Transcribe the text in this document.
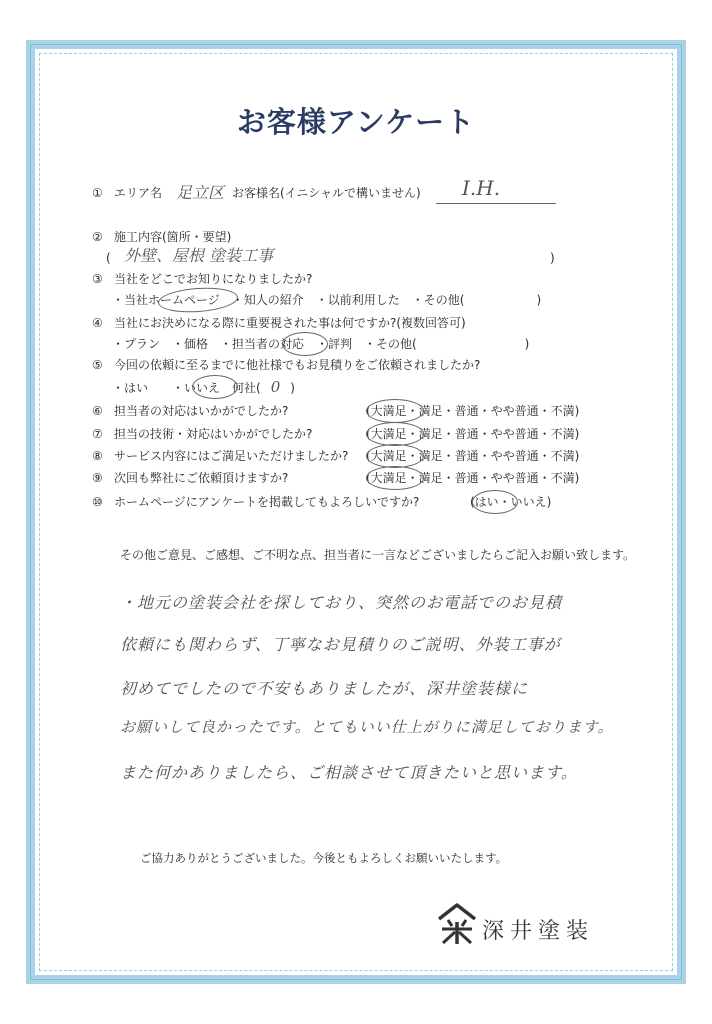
お客様アンケート
① エリア名 足立区 お客様名(イニシャルで構いません) I.H.
② 施工内容(箇所・要望)
( 外壁、屋根 塗装工事	)
③ 当社をどこでお知りになりましたか?
・当社ホームページ　・知人の紹介　・以前利用した　・その他(　　　　　　)
④ 当社にお決めになる際に重要視された事は何ですか?(複数回答可)
・プラン　・価格　・担当者の対応　・評判　・その他(　　　　　　　　　)
⑤ 今回の依頼に至るまでに他社様でもお見積りをご依頼されましたか?
・はい　　・いいえ　何社( 0 )
⑥ 担当者の対応はいかがでしたか?	(大満足・満足・普通・やや普通・不満)
⑦ 担当の技術・対応はいかがでしたか?	(大満足・満足・普通・やや普通・不満)
⑧ サービス内容にはご満足いただけましたか?	(大満足・満足・普通・やや普通・不満)
⑨ 次回も弊社にご依頼頂けますか?	(大満足・満足・普通・やや普通・不満)
⑩ ホームページにアンケートを掲載してもよろしいですか?	(はい・いいえ)
その他ご意見、ご感想、ご不明な点、担当者に一言などございましたらご記入お願い致します。
・地元の塗装会社を探しており、突然のお電話でのお見積
依頼にも関わらず、丁寧なお見積りのご説明、外装工事が
初めてでしたので不安もありましたが、深井塗装様に
お願いして良かったです。とてもいい仕上がりに満足しております。
また何かありましたら、ご相談させて頂きたいと思います。
ご協力ありがとうございました。今後ともよろしくお願いいたします。
深井塗装
